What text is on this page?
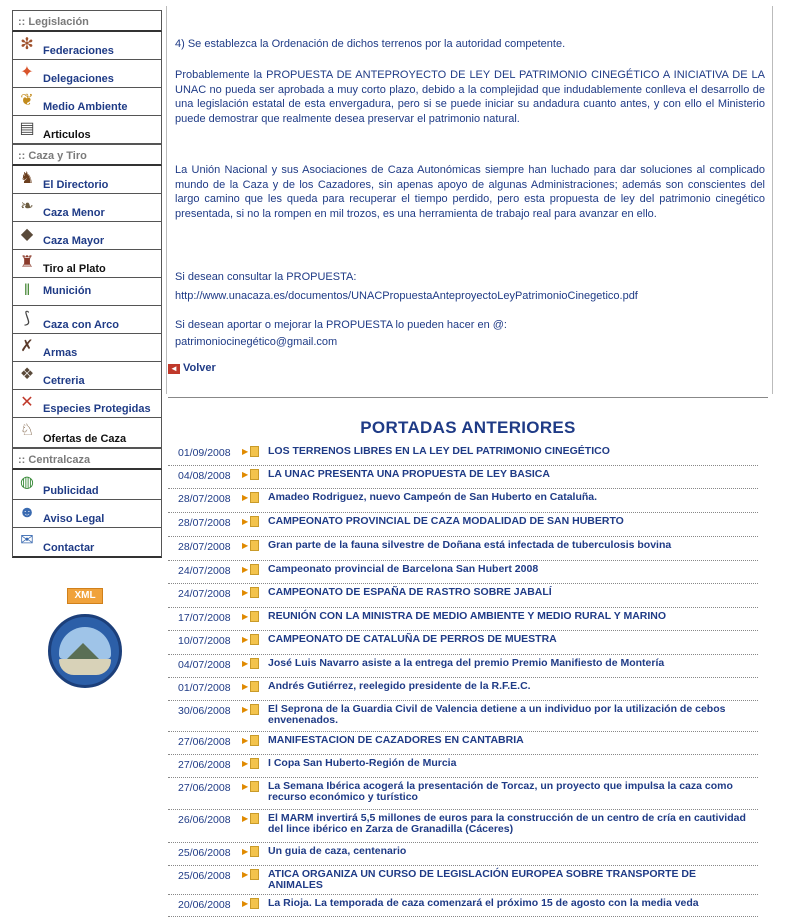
:: Legislación
✻ Federaciones
✦ Delegaciones
❦ Medio Ambiente
▤ Articulos
:: Caza y Tiro
♞ El Directorio
❧ Caza Menor
◆ Caza Mayor
♜ Tiro al Plato
‖	Munición
⟆	Caza con Arco
✗ Armas
❖ Cetreria
✕ Especies Protegidas
♘ Ofertas de Caza
:: Centralcaza
◍ Publicidad
☻ Aviso Legal
✉ Contactar
XML
4) Se establezca la Ordenación de dichos terrenos por la autoridad competente.
Probablemente la PROPUESTA DE ANTEPROYECTO DE LEY DEL PATRIMONIO CINEGÉTICO A INICIATIVA DE LA UNAC no pueda ser aprobada a muy corto plazo, debido a la complejidad que indudablemente conlleva el desarrollo de una legislación estatal de esta envergadura, pero si se puede iniciar su andadura cuanto antes, y con ello el Ministerio puede demostrar que realmente desea preservar el patrimonio natural.
La Unión Nacional y sus Asociaciones de Caza Autonómicas siempre han luchado para dar soluciones al complicado mundo de la Caza y de los Cazadores, sin apenas apoyo de algunas Administraciones; además son conscientes del largo camino que les queda para recuperar el tiempo perdido, pero esta propuesta de ley del patrimonio cinegético presentada, si no la rompen en mil trozos, es una herramienta de trabajo real para avanzar en ello.
Si desean consultar la PROPUESTA:
http://www.unacaza.es/documentos/UNACPropuestaAnteproyectoLeyPatrimonioCinegetico.pdf
Si desean aportar o mejorar la PROPUESTA lo pueden hacer en @:
patrimoniocinegético@gmail.com
◄ Volver
PORTADAS ANTERIORES
01/09/2008	▶ LOS TERRENOS LIBRES EN LA LEY DEL PATRIMONIO CINEGÉTICO
04/08/2008	▶ LA UNAC PRESENTA UNA PROPUESTA DE LEY BASICA
28/07/2008	▶ Amadeo Rodriguez, nuevo Campeón de San Huberto en Cataluña.
28/07/2008	▶ CAMPEONATO PROVINCIAL DE CAZA MODALIDAD DE SAN HUBERTO
28/07/2008	▶ Gran parte de la fauna silvestre de Doñana está infectada de tuberculosis bovina
24/07/2008	▶ Campeonato provincial de Barcelona San Hubert 2008
24/07/2008	▶ CAMPEONATO DE ESPAÑA DE RASTRO SOBRE JABALÍ
17/07/2008	▶ REUNIÓN CON LA MINISTRA DE MEDIO AMBIENTE Y MEDIO RURAL Y MARINO
10/07/2008	▶ CAMPEONATO DE CATALUÑA DE PERROS DE MUESTRA
04/07/2008	▶ José Luis Navarro asiste a la entrega del premio Premio Manifiesto de Montería
01/07/2008	▶ Andrés Gutiérrez, reelegido presidente de la R.F.E.C.
30/06/2008	▶ El Seprona de la Guardia Civil de Valencia detiene a un individuo por la utilización de cebos envenenados.
27/06/2008	▶ MANIFESTACION DE CAZADORES EN CANTABRIA
27/06/2008	▶ I Copa San Huberto-Región de Murcia
27/06/2008	▶ La Semana Ibérica acogerá la presentación de Torcaz, un proyecto que impulsa la caza como recurso económico y turístico
26/06/2008	▶ El MARM invertirá 5,5 millones de euros para la construcción de un centro de cría en cautividad del lince ibérico en Zarza de Granadilla (Cáceres)
25/06/2008	▶ Un guia de caza, centenario
25/06/2008	▶ ATICA ORGANIZA UN CURSO DE LEGISLACIÓN EUROPEA SOBRE TRANSPORTE DE ANIMALES
20/06/2008	▶ La Rioja. La temporada de caza comenzará el próximo 15 de agosto con la media veda
